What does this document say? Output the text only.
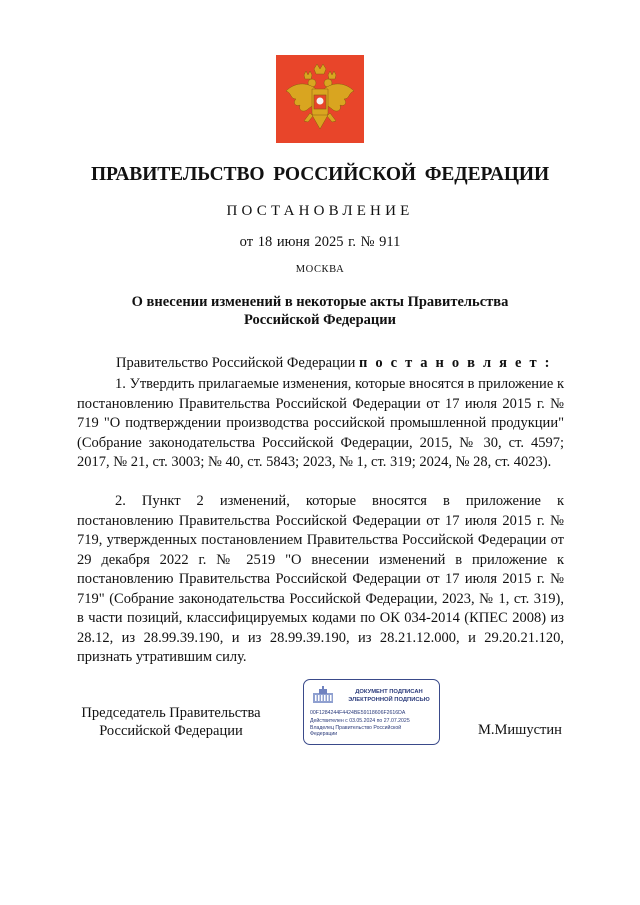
ПРАВИТЕЛЬСТВО РОССИЙСКОЙ ФЕДЕРАЦИИ
ПОСТАНОВЛЕНИЕ
от 18 июня 2025 г. № 911
МОСКВА
О внесении изменений в некоторые акты Правительства
Российской Федерации
Правительство Российской Федерации п о с т а н о в л я е т :
1. Утвердить прилагаемые изменения, которые вносятся в приложение к постановлению Правительства Российской Федерации от 17 июля 2015 г. № 719 "О подтверждении производства российской промышленной продукции" (Собрание законодательства Российской Федерации, 2015, № 30, ст. 4597; 2017, № 21, ст. 3003; № 40, ст. 5843; 2023, № 1, ст. 319; 2024, № 28, ст. 4023).
2. Пункт 2 изменений, которые вносятся в приложение к постановлению Правительства Российской Федерации от 17 июля 2015 г. № 719, утвержденных постановлением Правительства Российской Федерации от 29 декабря 2022 г. № 2519 "О внесении изменений в приложение к постановлению Правительства Российской Федерации от 17 июля 2015 г. № 719" (Собрание законодательства Российской Федерации, 2023, № 1, ст. 319), в части позиций, классифицируемых кодами по ОК 034-2014 (КПЕС 2008) из 28.12, из 28.99.39.190, и из 28.99.39.190, из 28.21.12.000, и 29.20.21.120, признать утратившим силу.
Председатель Правительства
Российской Федерации
ДОКУМЕНТ ПОДПИСАН
ЭЛЕКТРОННОЙ ПОДПИСЬЮ
00F1284244F4424BE59118606F2616DA
Действителен с 03.05.2024 по 27.07.2025
Владелец Правительство Российской
Федерации	М.Мишустин
